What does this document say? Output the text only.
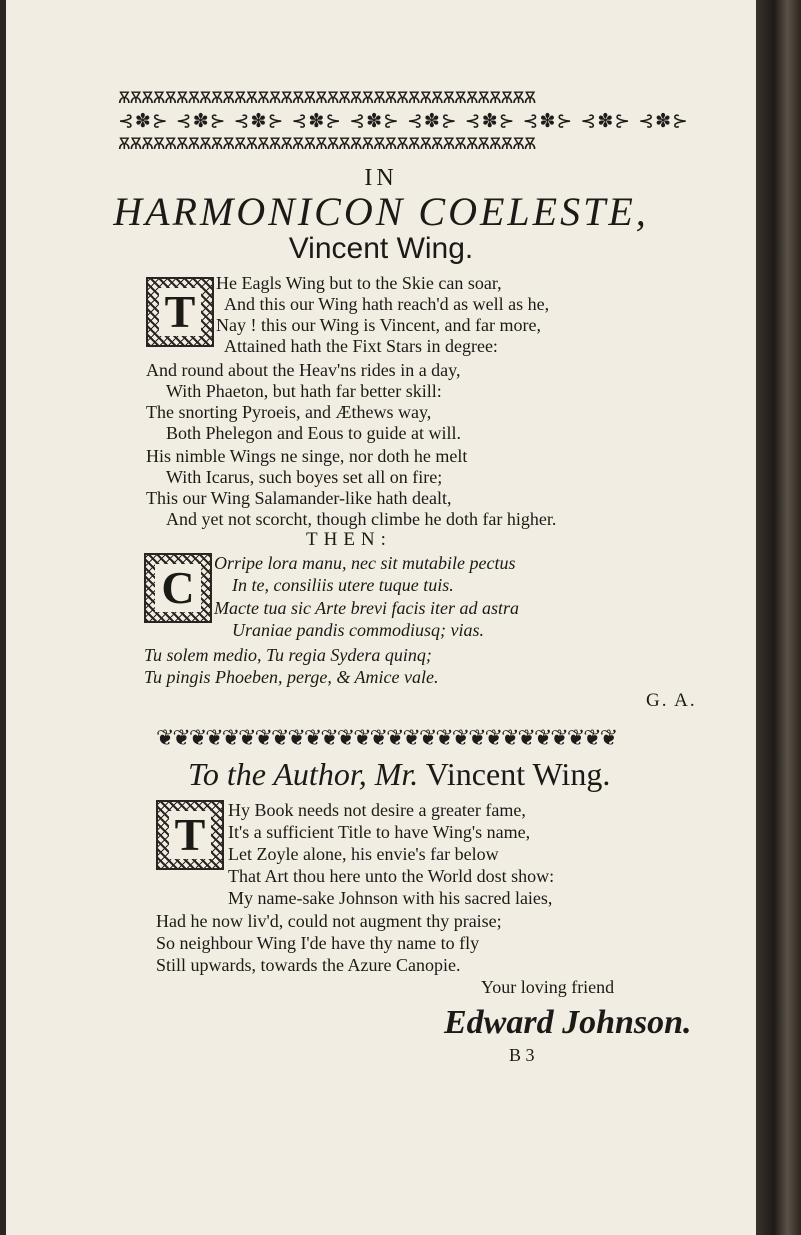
ѪѪѪѪѪѪѪѪѪѪѪѪѪѪѪѪѪѪѪѪѪѪѪѪѪѪѪѪѪѪѪѪѪѪѪѪ
⊰✽⊱ ⊰✽⊱ ⊰✽⊱ ⊰✽⊱ ⊰✽⊱ ⊰✽⊱ ⊰✽⊱ ⊰✽⊱ ⊰✽⊱ ⊰✽⊱
ѪѪѪѪѪѪѪѪѪѪѪѪѪѪѪѪѪѪѪѪѪѪѪѪѪѪѪѪѪѪѪѪѪѪѪѪ
IN
HARMONICON COELESTE,
Vincent Wing.
T
He Eagls Wing but to the Skie can soar,
And this our Wing hath reach'd as well as he,
Nay ! this our Wing is Vincent, and far more,
Attained hath the Fixt Stars in degree:
And round about the Heav'ns rides in a day,
With Phaeton, but hath far better skill:
The snorting Pyroeis, and Æthews way,
Both Phelegon and Eous to guide at will.
His nimble Wings ne singe, nor doth he melt
With Icarus, such boyes set all on fire;
This our Wing Salamander-like hath dealt,
And yet not scorcht, though climbe he doth far higher.
THEN:
C	Orripe lora manu, nec sit mutabile pectus
In te, consiliis utere tuque tuis.
Macte tua sic Arte brevi facis iter ad astra
Uraniae pandis commodiusq; vias.
Tu solem medio, Tu regia Sydera quinq;
Tu pingis Phoeben, perge, & Amice vale.
G. A.
❦❦❦❦❦❦❦❦❦❦❦❦❦❦❦❦❦❦❦❦❦❦❦❦❦❦❦❦
To the Author, Mr. Vincent Wing.
T	Hy Book needs not desire a greater fame,
It's a sufficient Title to have Wing's name,
Let Zoyle alone, his envie's far below
That Art thou here unto the World dost show:
My name-sake Johnson with his sacred laies,
Had he now liv'd, could not augment thy praise;
So neighbour Wing I'de have thy name to fly
Still upwards, towards the Azure Canopie.
Your loving friend
Edward Johnson.
B 3
